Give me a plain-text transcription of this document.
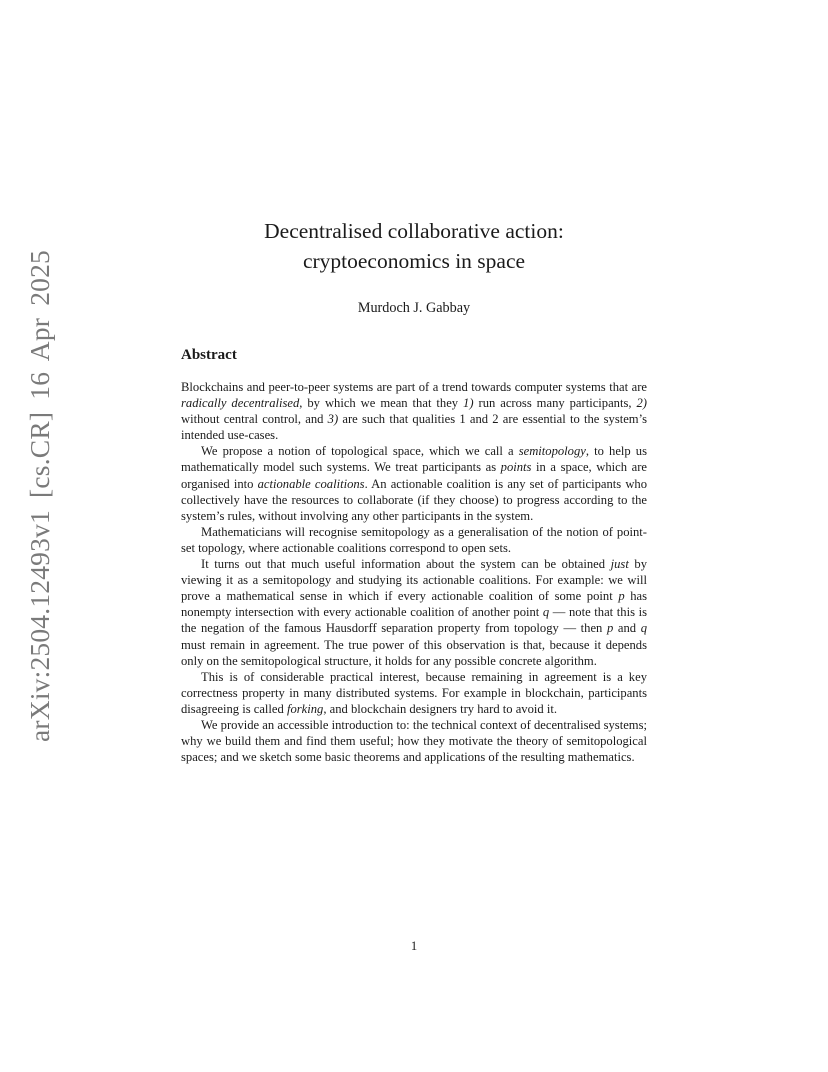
arXiv:2504.12493v1 [cs.CR] 16 Apr 2025
Decentralised collaborative action:
cryptoeconomics in space
Murdoch J. Gabbay
Abstract

Blockchains and peer-to-peer systems are part of a trend towards computer systems that are radically decentralised, by which we mean that they 1) run across many participants, 2) without central control, and 3) are such that qualities 1 and 2 are essential to the system’s intended use-cases.

We propose a notion of topological space, which we call a semitopology, to help us mathematically model such systems. We treat participants as points in a space, which are organised into actionable coalitions. An actionable coalition is any set of participants who collectively have the resources to collaborate (if they choose) to progress according to the system’s rules, without involving any other participants in the system.

Mathematicians will recognise semitopology as a generalisation of the notion of point-set topology, where actionable coalitions correspond to open sets.

It turns out that much useful information about the system can be obtained just by viewing it as a semitopology and studying its actionable coalitions. For example: we will prove a mathematical sense in which if every actionable coalition of some point p has nonempty intersection with every actionable coalition of another point q — note that this is the negation of the famous Hausdorff separation property from topology — then p and q must remain in agreement. The true power of this observation is that, because it depends only on the semitopological structure, it holds for any possible concrete algorithm.

This is of considerable practical interest, because remaining in agreement is a key correctness property in many distributed systems. For example in blockchain, participants disagreeing is called forking, and blockchain designers try hard to avoid it.

We provide an accessible introduction to: the technical context of decentralised systems; why we build them and find them useful; how they motivate the theory of semitopological spaces; and we sketch some basic theorems and applications of the resulting mathematics.

1
